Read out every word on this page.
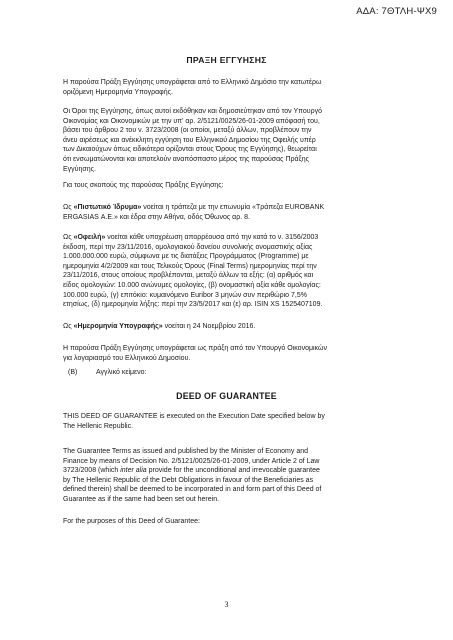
ΑΔΑ: 7ΘΤΛΗ-ΨΧ9
ΠΡΑΞΗ ΕΓΓΥΗΣΗΣ
Η παρούσα Πράξη Εγγύησης υπογράφεται από το Ελληνικό Δημόσιο την κατωτέρω
οριζόμενη Ημερομηνία Υπογραφής.
Οι Όροι της Εγγύησης, όπως αυτοί εκδόθηκαν και δημοσιεύτηκαν από τον Υπουργό
Οικονομίας και Οικονομικών με την υπ' αρ. 2/5121/0025/26-01-2009 απόφασή του,
βάσει του άρθρου 2 του ν. 3723/2008 (οι οποίοι, μεταξύ άλλων, προβλέπουν την
άνευ αιρέσεως και ανέκκλητη εγγύηση του Ελληνικού Δημοσίου της Οφειλής υπέρ
των Δικαιούχων όπως ειδικότερα ορίζονται στους Όρους της Εγγύησης), θεωρείται
ότι ενσωματώνονται και αποτελούν αναπόσπαστο μέρος της παρούσας Πράξης
Εγγύησης.
Για τους σκοπούς της παρούσας Πράξης Εγγύησης:
Ως «Πιστωτικό Ίδρυμα» νοείται η τράπεζα με την επωνυμία «Τράπεζα EUROBANK
ERGASIAS Α.Ε.» και έδρα στην Αθήνα, οδός Όθωνος αρ. 8.
Ως «Οφειλή» νοείται κάθε υποχρέωση απορρέουσα από την κατά το ν. 3156/2003
έκδοση, περί την 23/11/2016, ομολογιακού δανείου συνολικής ονομαστικής αξίας
1.000.000.000 ευρώ, σύμφωνα με τις διατάξεις Προγράμματος (Programme) με
ημερομηνία 4/2/2009 και τους Τελικούς Όρους (Final Terms) ημερομηνίας περί την
23/11/2016, στους οποίους προβλέπονται, μεταξύ άλλων τα εξής: (α) αριθμός και
είδος ομολογιών: 10.000 ανώνυμες ομολογίες, (β) ονομαστική αξία κάθε ομολογίας:
100.000 ευρώ, (γ) επιτόκιο: κυμαινόμενο Euribor 3 μηνών συν περιθώριο 7,5%
ετησίως, (δ) ημερομηνία λήξης: περί την 23/5/2017 και (ε) αρ. ISIN XS 1525407109.
Ως «Ημερομηνία Υπογραφής» νοείται η 24 Νοεμβρίου 2016.
Η παρούσα Πράξη Εγγύησης υπογράφεται ως πράξη από τον Υπουργό Οικονομικών
για λογαριασμό του Ελληνικού Δημοσίου.
(Β)	Αγγλικό κείμενο:
DEED OF GUARANTEE
THIS DEED OF GUARANTEE is executed on the Execution Date specified below by
The Hellenic Republic.
The Guarantee Terms as issued and published by the Minister of Economy and
Finance by means of Decision No. 2/5121/0025/26-01-2009, under Article 2 of Law
3723/2008 (which inter alia provide for the unconditional and irrevocable guarantee
by The Hellenic Republic of the Debt Obligations in favour of the Beneficiaries as
defined therein) shall be deemed to be incorporated in and form part of this Deed of
Guarantee as if the same had been set out herein.
For the purposes of this Deed of Guarantee:
3
